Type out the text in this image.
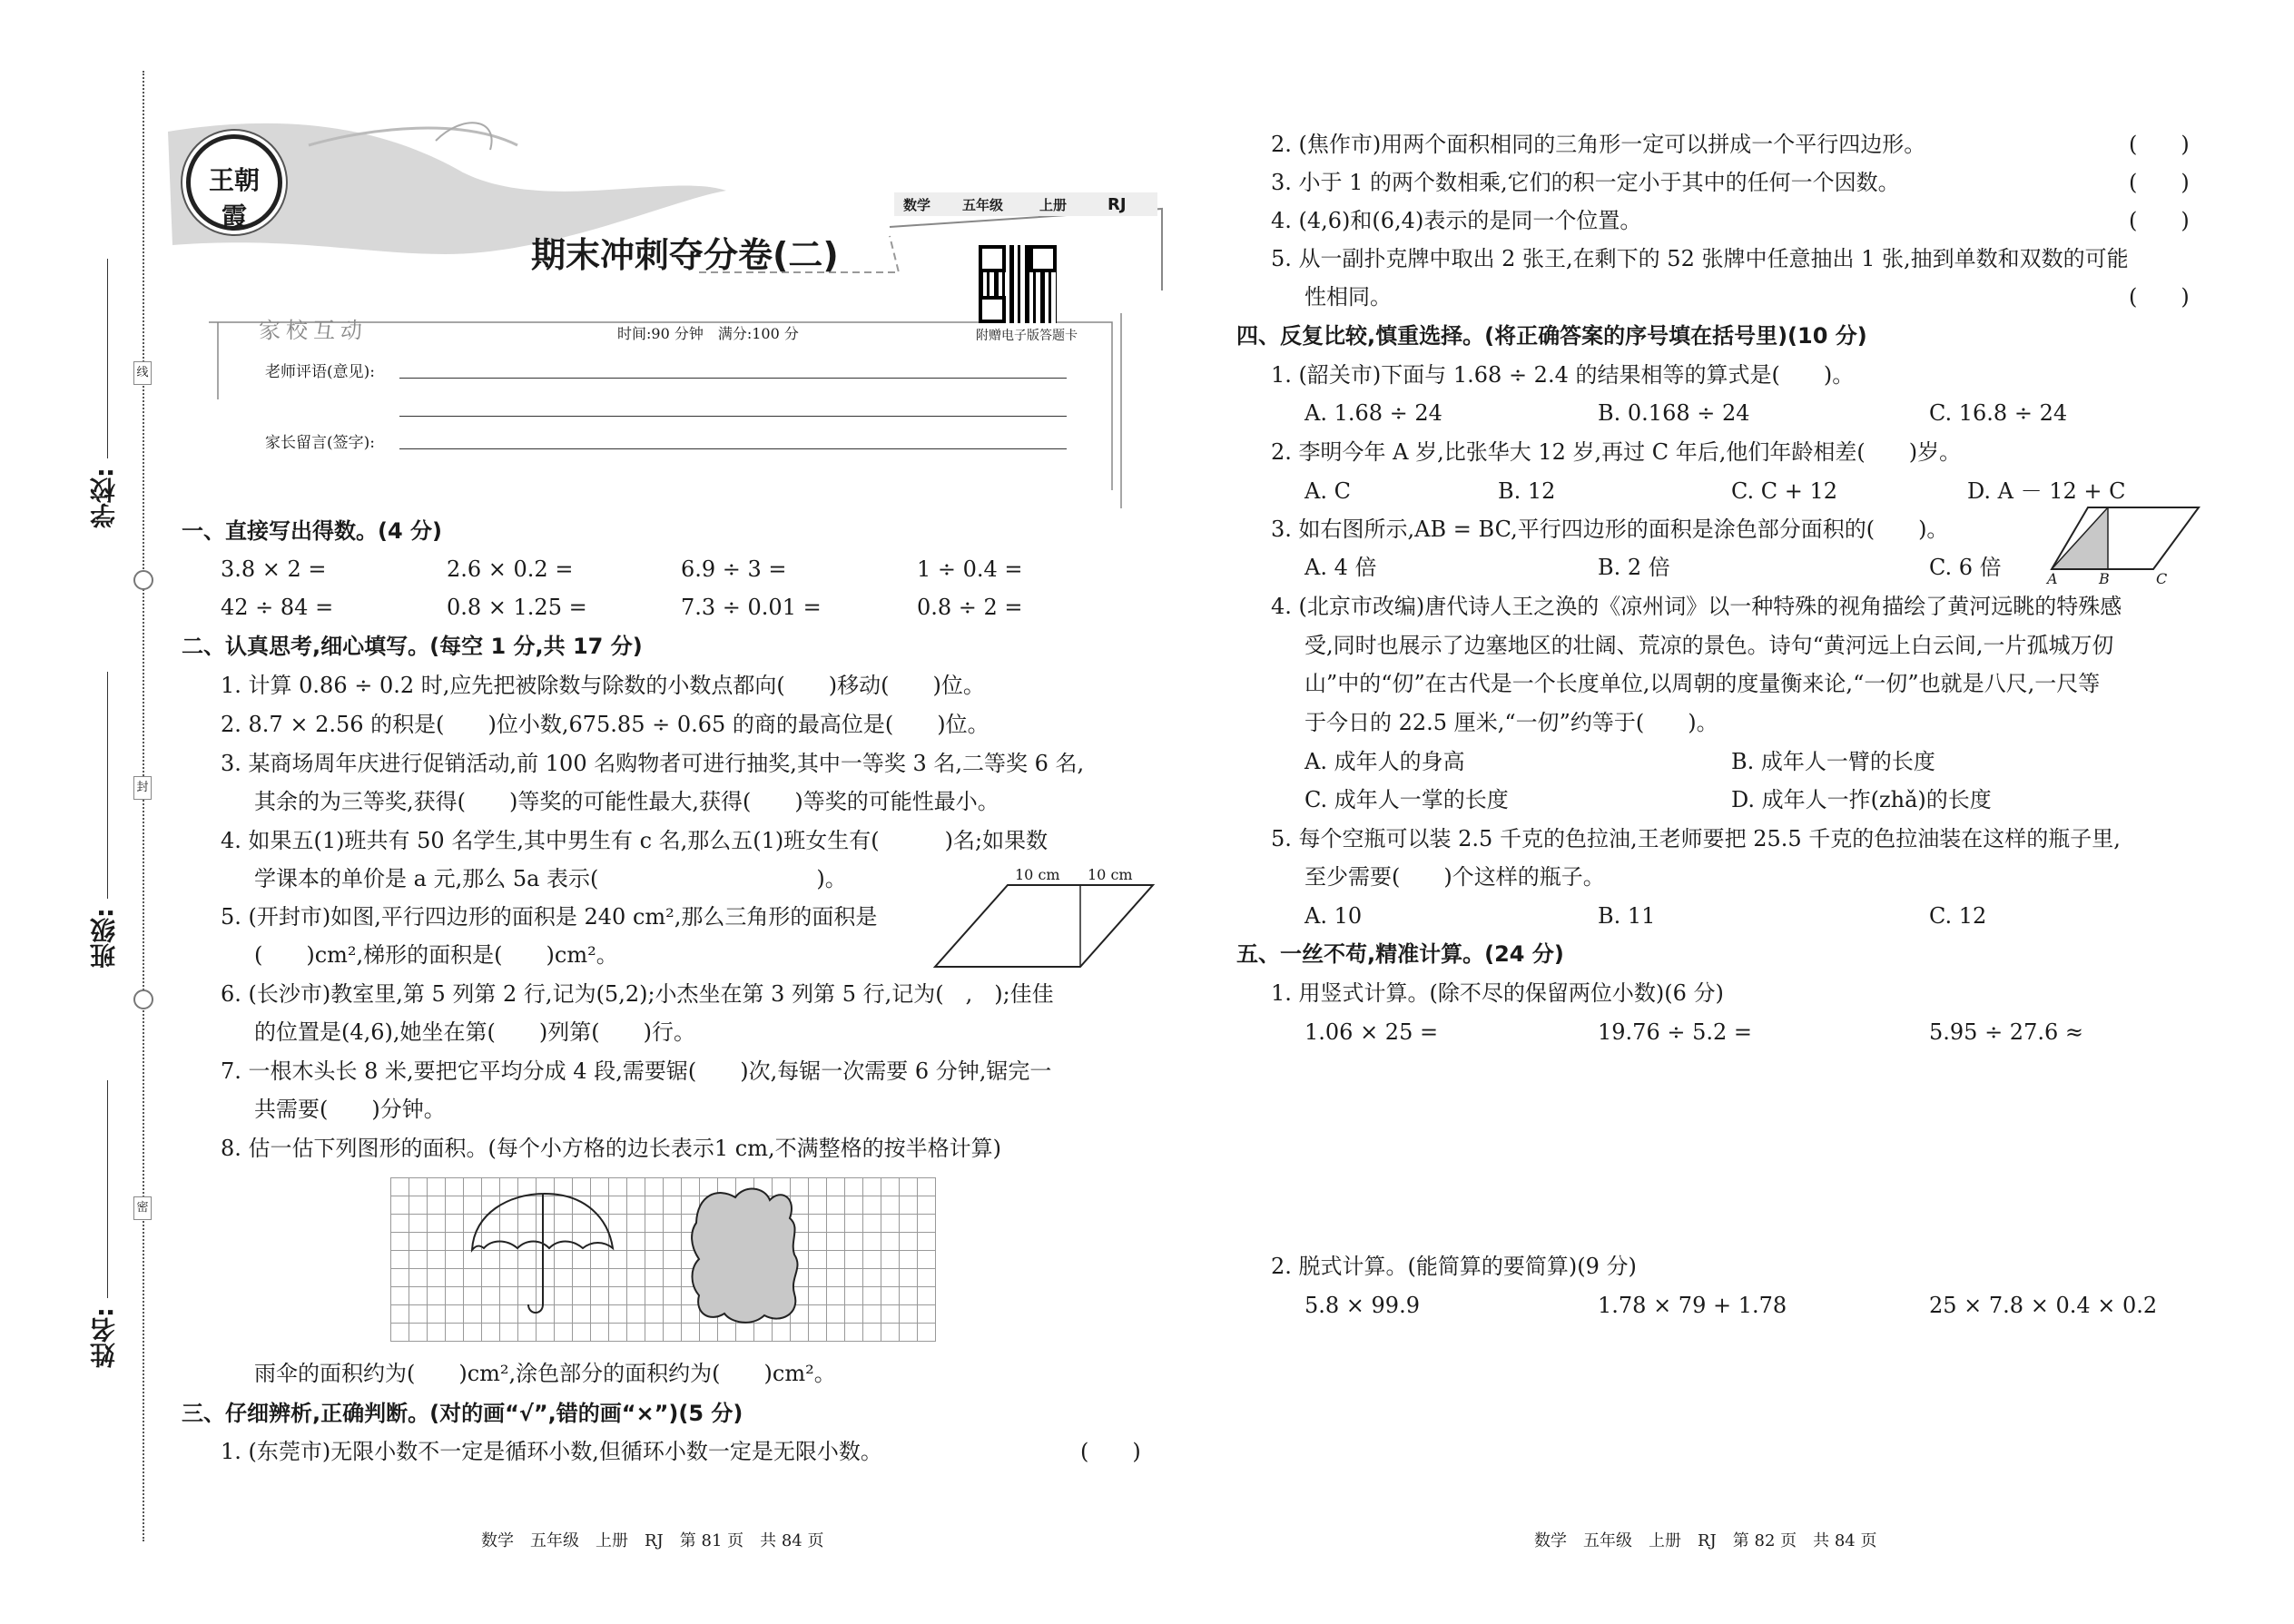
线
封
密
学校:
班级:
姓名:
王朝霞	数学 五年级	上册 RJ
期末冲刺夺分卷(二)
附赠电子版答题卡
家校互动	时间:90 分钟　满分:100 分
老师评语(意见):
家长留言(签字):
一、直接写出得数。(4 分)
3.8 × 2 =	2.6 × 0.2 =	6.9 ÷ 3 =	1 ÷ 0.4 =
42 ÷ 84 =	0.8 × 1.25 =	7.3 ÷ 0.01 =	0.8 ÷ 2 =
二、认真思考,细心填写。(每空 1 分,共 17 分)
1. 计算 0.86 ÷ 0.2 时,应先把被除数与除数的小数点都向(　　)移动(　　)位。
2. 8.7 × 2.56 的积是(　　)位小数,675.85 ÷ 0.65 的商的最高位是(　　)位。
3. 某商场周年庆进行促销活动,前 100 名购物者可进行抽奖,其中一等奖 3 名,二等奖 6 名,
其余的为三等奖,获得(　　)等奖的可能性最大,获得(　　)等奖的可能性最小。
4. 如果五(1)班共有 50 名学生,其中男生有 c 名,那么五(1)班女生有(　　　)名;如果数
学课本的单价是 a 元,那么 5a 表示(　　　　　　　　　　)。
5. (开封市)如图,平行四边形的面积是 240 cm²,那么三角形的面积是
(　　)cm²,梯形的面积是(　　)cm²。
10 cm 10 cm
6. (长沙市)教室里,第 5 列第 2 行,记为(5,2);小杰坐在第 3 列第 5 行,记为(　,　);佳佳
的位置是(4,6),她坐在第(　　)列第(　　)行。
7. 一根木头长 8 米,要把它平均分成 4 段,需要锯(　　)次,每锯一次需要 6 分钟,锯完一
共需要(　　)分钟。
8. 估一估下列图形的面积。(每个小方格的边长表示1 cm,不满整格的按半格计算)
雨伞的面积约为(　　)cm²,涂色部分的面积约为(　　)cm²。
三、仔细辨析,正确判断。(对的画“√”,错的画“×”)(5 分)
1. (东莞市)无限小数不一定是循环小数,但循环小数一定是无限小数。	(　　)
数学　五年级　上册　RJ　第 81 页　共 84 页
2. (焦作市)用两个面积相同的三角形一定可以拼成一个平行四边形。	(　　)
3. 小于 1 的两个数相乘,它们的积一定小于其中的任何一个因数。	(　　)
4. (4,6)和(6,4)表示的是同一个位置。	(　　)
5. 从一副扑克牌中取出 2 张王,在剩下的 52 张牌中任意抽出 1 张,抽到单数和双数的可能
性相同。	(　　)
四、反复比较,慎重选择。(将正确答案的序号填在括号里)(10 分)
1. (韶关市)下面与 1.68 ÷ 2.4 的结果相等的算式是(　　)。
A. 1.68 ÷ 24	B. 0.168 ÷ 24	C. 16.8 ÷ 24
2. 李明今年 A 岁,比张华大 12 岁,再过 C 年后,他们年龄相差(　　)岁。
A. C	B. 12	C. C + 12	D. A － 12 + C
3. 如右图所示,AB = BC,平行四边形的面积是涂色部分面积的(　　)。
A. 4 倍	B. 2 倍	C. 6 倍	A	B	C
4. (北京市改编)唐代诗人王之涣的《凉州词》以一种特殊的视角描绘了黄河远眺的特殊感
受,同时也展示了边塞地区的壮阔、荒凉的景色。诗句“黄河远上白云间,一片孤城万仞
山”中的“仞”在古代是一个长度单位,以周朝的度量衡来论,“一仞”也就是八尺,一尺等
于今日的 22.5 厘米,“一仞”约等于(　　)。
A. 成年人的身高	B. 成年人一臂的长度
C. 成年人一掌的长度	D. 成年人一拃(zhǎ)的长度
5. 每个空瓶可以装 2.5 千克的色拉油,王老师要把 25.5 千克的色拉油装在这样的瓶子里,
至少需要(　　)个这样的瓶子。
A. 10	B. 11	C. 12
五、一丝不苟,精准计算。(24 分)
1. 用竖式计算。(除不尽的保留两位小数)(6 分)
1.06 × 25 =	19.76 ÷ 5.2 =	5.95 ÷ 27.6 ≈
2. 脱式计算。(能简算的要简算)(9 分)
5.8 × 99.9	1.78 × 79 + 1.78	25 × 7.8 × 0.4 × 0.2
数学　五年级　上册　RJ　第 82 页　共 84 页
